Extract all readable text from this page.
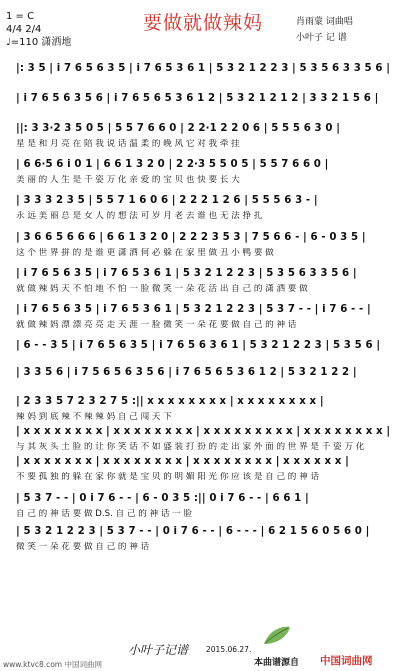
1 = C
4/4 2/4
♩=110 潇洒地
要做就做辣妈	肖雨蒙 词曲唱
小叶子 记 谱
|: 3 5 | i 7 6 5 6 3 5 | i 7 6 5 3 6 1 | 5 3 2 1 2 2 3 | 5 3 5 6 3 3 5 6 |
| i 7 6 5 6 3 5 6 | i 7 6 5 6 5 3 6 1 2 | 5 3 2 1 2 1 2 | 3 3 2 1 5 6 |
||: 3 3·2 3 5 0 5 | 5 5 7 6 6 0 | 2 2·1 2 2 0 6 | 5 5 5 6 3 0 |
星 是 和 月 亮 在 陪 我 说 话 温 柔 的 晚 风 它 对 我 牵 挂
| 6 6·5 6 i 0 1 | 6 6 1 3 2 0 | 2 2·3 5 5 0 5 | 5 5 7 6 6 0 |
美 丽 的 人 生 是 千 姿 万 化 亲 爱 的 宝 贝 也 快 要 长 大
| 3 3 3 2 3 5 | 5 5 7 1 6 0 6 | 2 2 2 1 2 6 | 5 5 5 6 3 - |
永 远 美 丽 总 是 女 人 的 想 法 可 岁 月 老 去 谁 也 无 法 挣 扎
| 3 6 6 5 6 6 6 | 6 6 1 3 2 0 | 2 2 2 3 5 3 | 7 5 6 6 - | 6 - 0 3 5 |
这 个 世 界 拼 的 是 谁 更 潇 洒 何 必 躲 在 家 里 做 丑 小 鸭 要 做
| i 7 6 5 6 3 5 | i 7 6 5 3 6 1 | 5 3 2 1 2 2 3 | 5 3 5 6 3 3 5 6 |
就 做 辣 妈 天 不 怕 地 不 怕 一 脸 微 笑 一 朵 花 活 出 自 己 的 潇 洒 要 做
| i 7 6 5 6 3 5 | i 7 6 5 3 6 1 | 5 3 2 1 2 2 3 | 5 3 7 - - | i 7 6 - - |
就 做 辣 妈 漂 漂 亮 亮 走 天 涯 一 脸 微 笑 一 朵 花 要 做 自 己 的 神 话
| 6 - - 3 5 | i 7 6 5 6 3 5 | i 7 6 5 6 3 6 1 | 5 3 2 1 2 2 3 | 5 3 5 6 |
| 3 3 5 6 | i 7 5 6 5 6 3 5 6 | i 7 6 5 6 5 3 6 1 2 | 5 3 2 1 2 2 |
| 2 3 3 5 7 2 3 2 7 5 :|| x x x x x x x x | x x x x x x x x |
辣 妈 到 底 辣 不 辣 辣 妈 自 己 闯 天 下
| x x x x x x x x | x x x x x x x x | x x x x x x x x x | x x x x x x x x |
与 其 灰 头 土 脸 的 让 你 笑 话 不 如 盛 装 打 扮 的 走 出 家 外 面 的 世 界 是 千 姿 万 化
| x x x x x x x | x x x x x x x x | x x x x x x x x | x x x x x x |
不 要 孤 独 的 躲 在 家 你 就 是 宝 贝 的 明 媚 阳 光 你 应 该 是 自 己 的 神 话
| 5 3 7 - - | 0 i 7 6 - - | 6 - 0 3 5 :|| 0 i 7 6 - - | 6 6 1 |
自 己 的 神 话 要 做 D.S. 自 己 的 神 话 一 脸
| 5 3 2 1 2 2 3 | 5 3 7 - - | 0 i 7 6 - - | 6 - - - | 6 2 1 5 6 0 5 6 0 |
微 笑 一 朵 花 要 做 自 己 的 神 话
小叶子记谱 2015.06.27.
www.ktvc8.com 中国词曲网	本曲谱源自 中国词曲网
